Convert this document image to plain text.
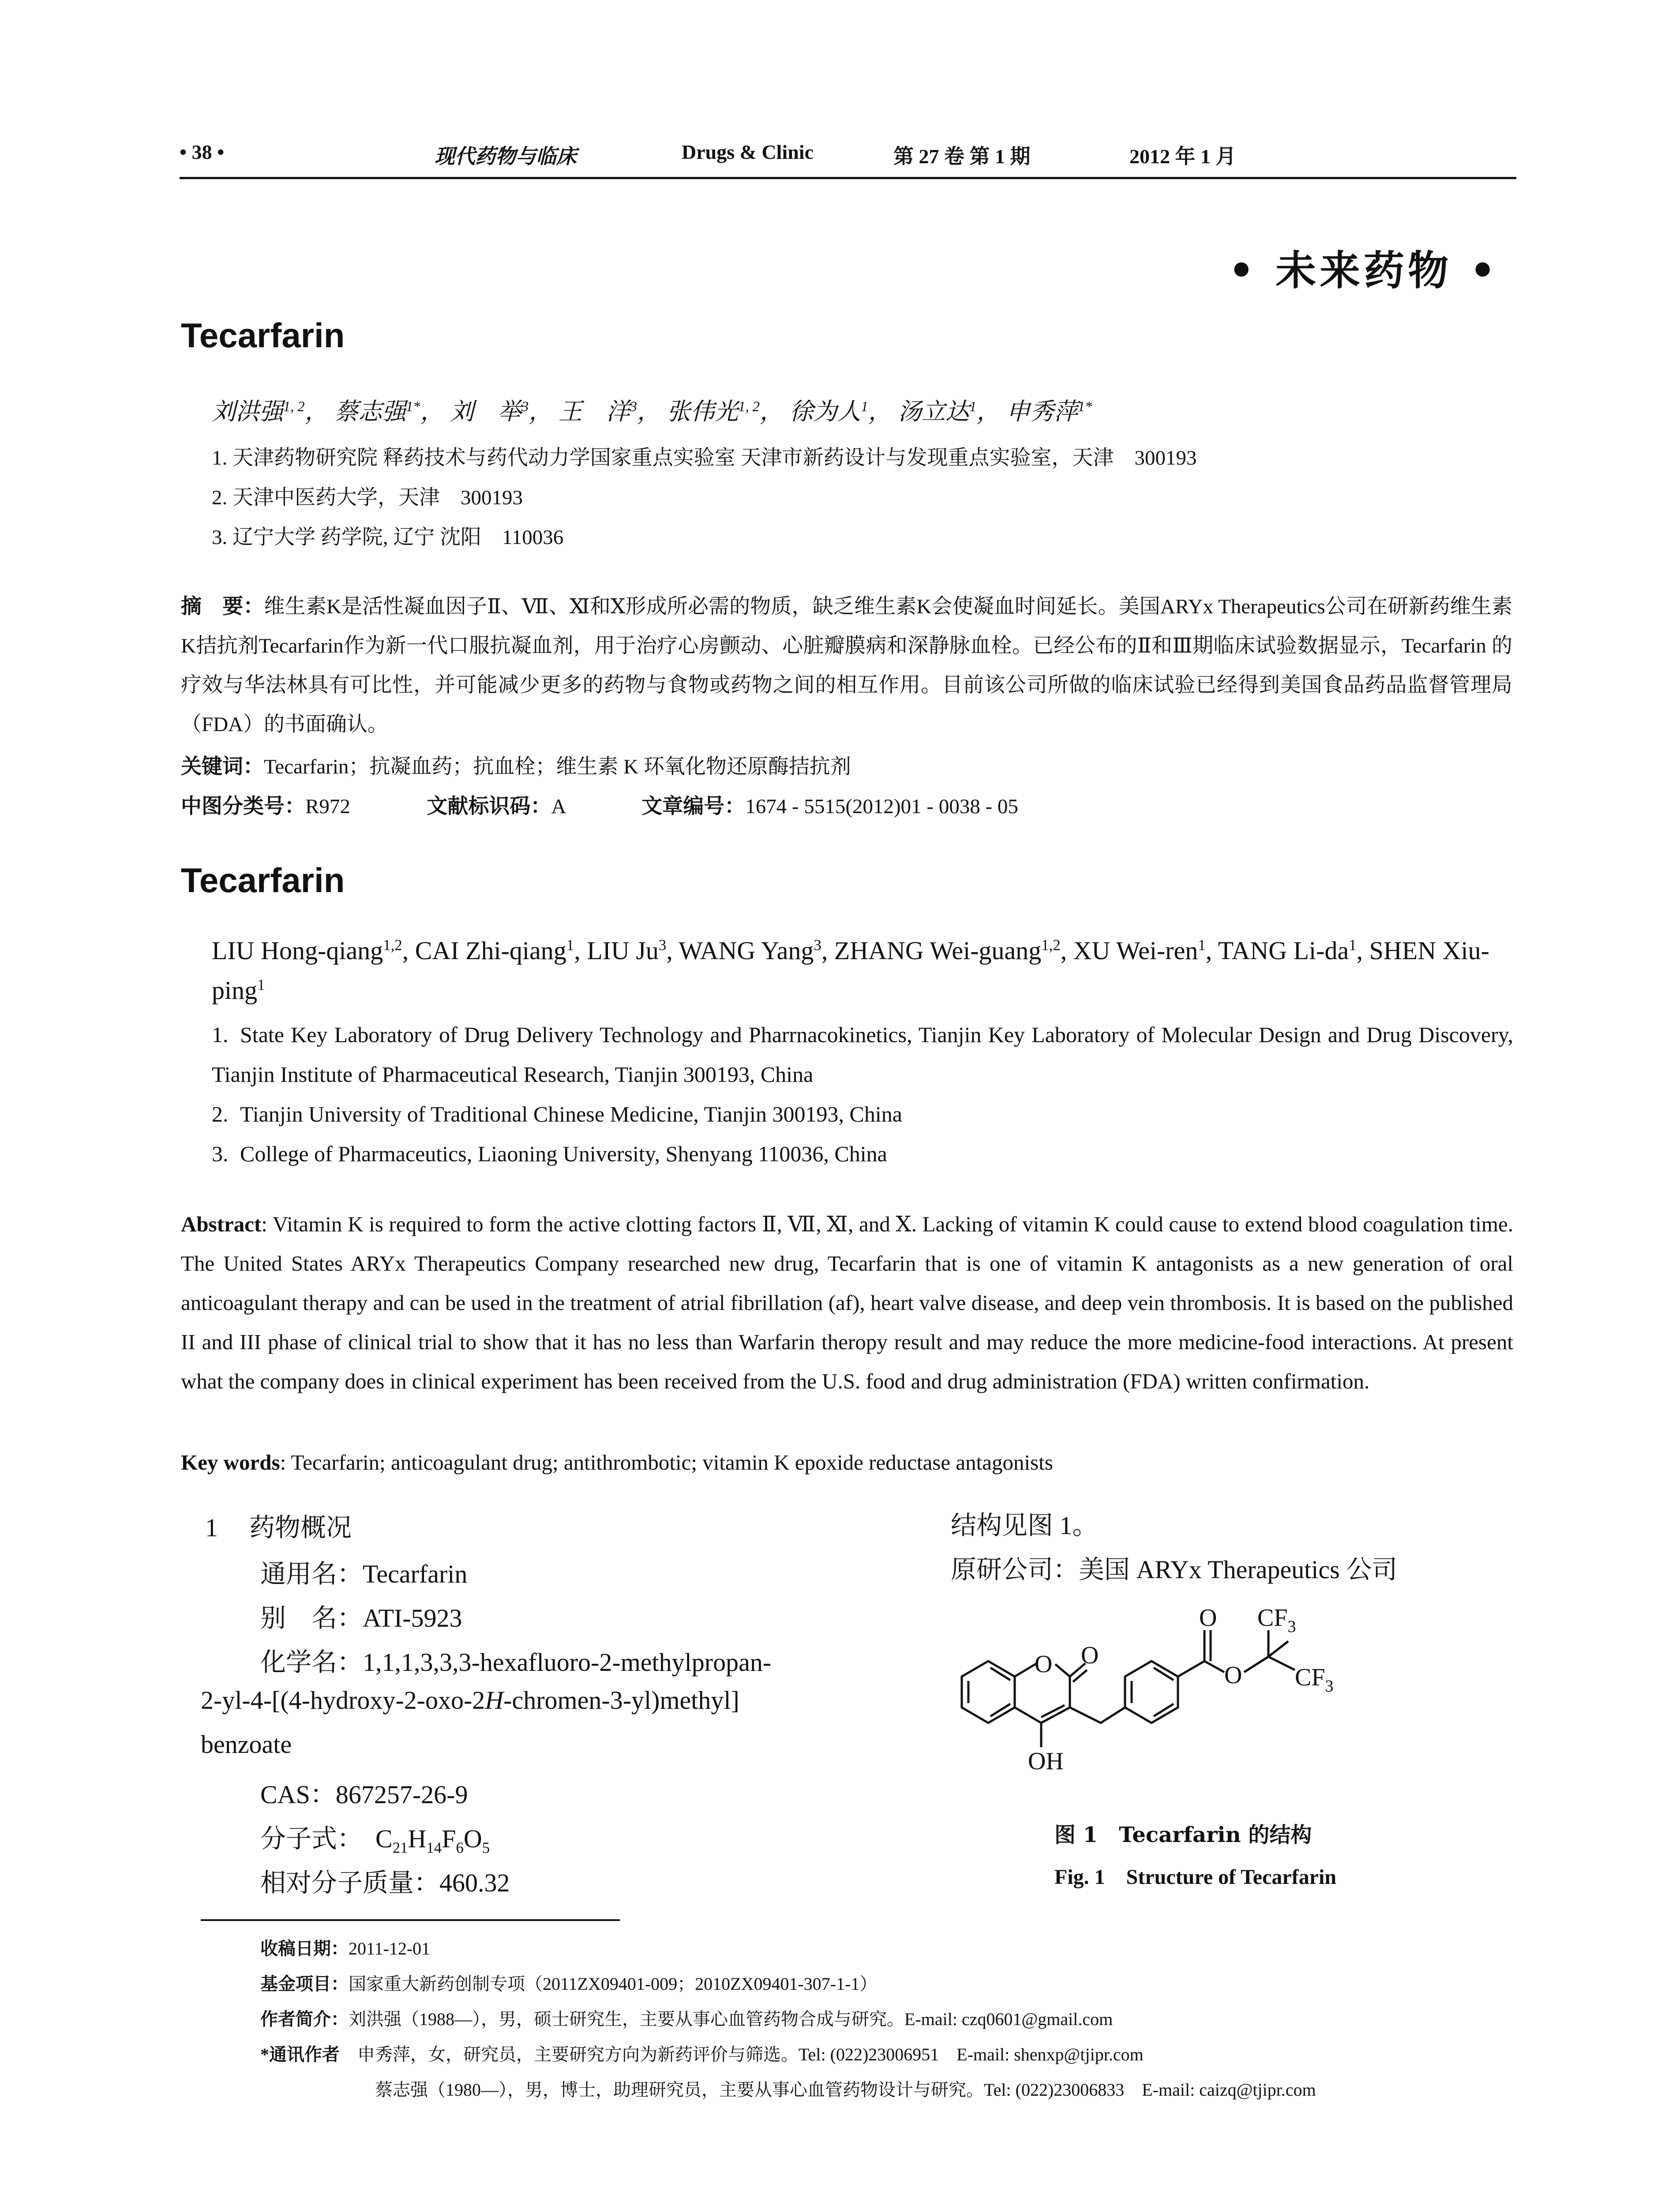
• 38 •	现代药物与临床	Drugs & Clinic	第 27 卷 第 1 期	2012 年 1 月
• 未来药物 •
Tecarfarin
刘洪强$^{1, 2}$， 蔡志强$^{1*}$， 刘　举$^3$， 王　洋$^3$， 张伟光$^{1, 2}$， 徐为人$^1$， 汤立达$^1$， 申秀萍$^{1*}$
1. 天津药物研究院 释药技术与药代动力学国家重点实验室 天津市新药设计与发现重点实验室，天津　300193
2. 天津中医药大学，天津　300193
3. 辽宁大学 药学院, 辽宁 沈阳　110036
摘　要：维生素K是活性凝血因子Ⅱ、Ⅶ、Ⅺ和Ⅹ形成所必需的物质，缺乏维生素K会使凝血时间延长。美国ARYx Therapeutics公司在研新药维生素K拮抗剂Tecarfarin作为新一代口服抗凝血剂，用于治疗心房颤动、心脏瓣膜病和深静脉血栓。已经公布的Ⅱ和Ⅲ期临床试验数据显示，Tecarfarin 的疗效与华法林具有可比性，并可能减少更多的药物与食物或药物之间的相互作用。目前该公司所做的临床试验已经得到美国食品药品监督管理局（FDA）的书面确认。
关键词：Tecarfarin；抗凝血药；抗血栓；维生素 K 环氧化物还原酶拮抗剂
中图分类号：R972	文献标识码：A	文章编号：1674 - 5515(2012)01 - 0038 - 05
Tecarfarin
LIU Hong-qiang$^{1,2}$, CAI Zhi-qiang$^1$, LIU Ju$^3$, WANG Yang$^3$, ZHANG Wei-guang$^{1,2}$, XU Wei-ren$^1$, TANG $Li-da^1$, SHEN Xiu-ping$^1$
1. State Key Laboratory of Drug Delivery Technology and Pharrnacokinetics, Tianjin Key Laboratory of Molecular Design and Drug Discovery, Tianjin Institute of Pharmaceutical Research, Tianjin 300193, China
2. Tianjin University of Traditional Chinese Medicine, Tianjin 300193, China
3. College of Pharmaceutics, Liaoning University, Shenyang 110036, China
Abstract: Vitamin K is required to form the active clotting factors Ⅱ, Ⅶ, Ⅺ, and Ⅹ. Lacking of vitamin K could cause to extend blood coagulation time. The United States ARYx Therapeutics Company researched new drug, Tecarfarin that is one of vitamin K antagonists as a new generation of oral anticoagulant therapy and can be used in the treatment of atrial fibrillation (af), heart valve disease, and deep vein thrombosis. It is based on the published II and III phase of clinical trial to show that it has no less than Warfarin theropy result and may reduce the more medicine-food interactions. At present what the company does in clinical experiment has been received from the U.S. food and drug administration (FDA) written confirmation.
Key words: Tecarfarin; anticoagulant drug; antithrombotic; vitamin K epoxide reductase antagonists
1 药物概况
通用名：Tecarfarin
别　名：ATI-5923
化学名：1,1,1,3,3,3-hexafluoro-2-methylpropan-
2-yl-4-[(4-hydroxy-2-oxo-2H-chromen-3-yl)methyl]
benzoate
CAS：867257-26-9
分子式：  $C_{21}H_{14}F_6O_5$
相对分子质量：460.32
结构见图 1。
原研公司：美国 ARYx Therapeutics 公司
O O
OH
O
O
$CF_3$
$CF_3$
图 1　Tecarfarin 的结构
Fig. 1　Structure of Tecarfarin
收稿日期：2011-12-01
基金项目：国家重大新药创制专项（2011ZX09401-009；2010ZX09401-307-1-1）
作者简介：刘洪强（1988—），男，硕士研究生，主要从事心血管药物合成与研究。E-mail: czq0601@gmail.com
*通讯作者 申秀萍，女，研究员，主要研究方向为新药评价与筛选。Tel: (022)23006951　E-mail: shenxp@tjipr.com
蔡志强（1980—），男，博士，助理研究员，主要从事心血管药物设计与研究。Tel: (022)23006833　E-mail: caizq@tjipr.com
